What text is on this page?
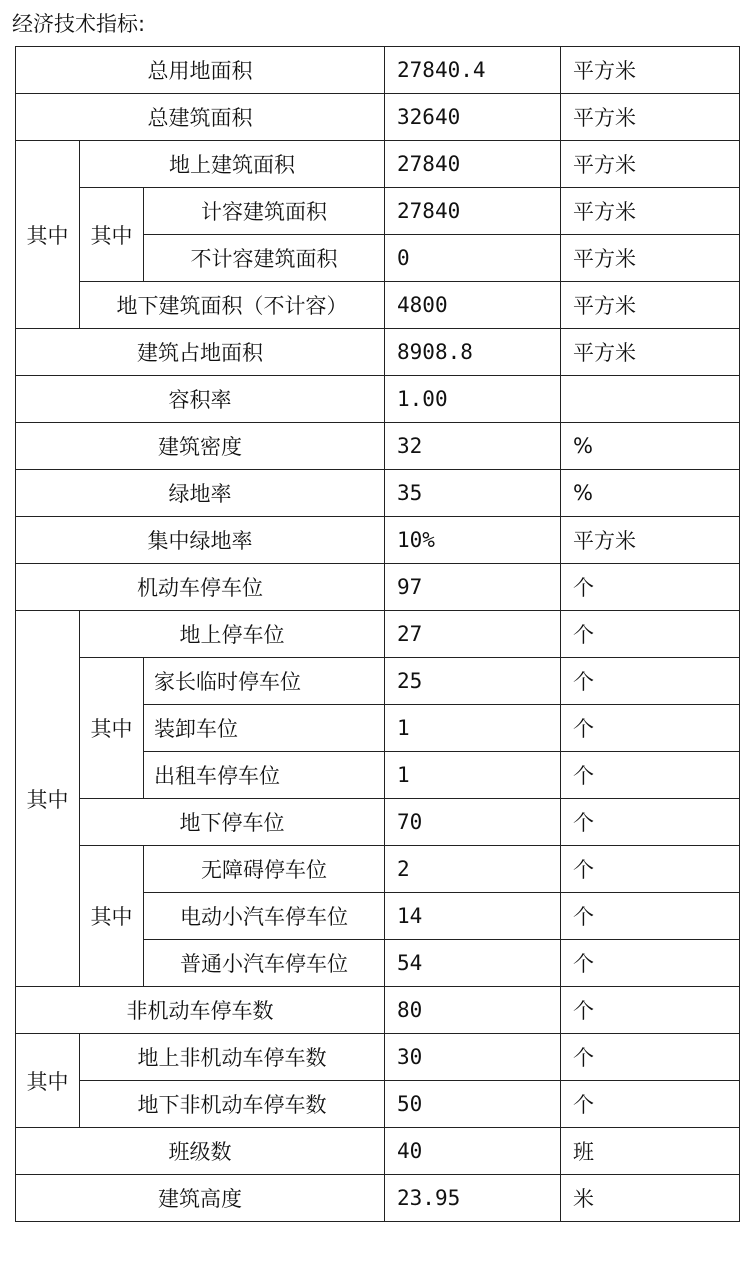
经济技术指标:
总用地面积			27840.4	平方米
总建筑面积			32640	平方米
其中	地上建筑面积		27840	平方米
	其中	计容建筑面积	27840	平方米
		不计容建筑面积	0	平方米
	地下建筑面积（不计容）		4800	平方米
建筑占地面积			8908.8	平方米
容积率			1.00	
建筑密度			32	%
绿地率			35	%
集中绿地率			10%	平方米
机动车停车位			97	个
其中	地上停车位		27	个
	其中	家长临时停车位	25	个
		装卸车位	1	个
		出租车停车位	1	个
	地下停车位		70	个
	其中	无障碍停车位	2	个
		电动小汽车停车位	14	个
		普通小汽车停车位	54	个
非机动车停车数			80	个
其中	地上非机动车停车数		30	个
	地下非机动车停车数		50	个
班级数			40	班
建筑高度			23.95	米
